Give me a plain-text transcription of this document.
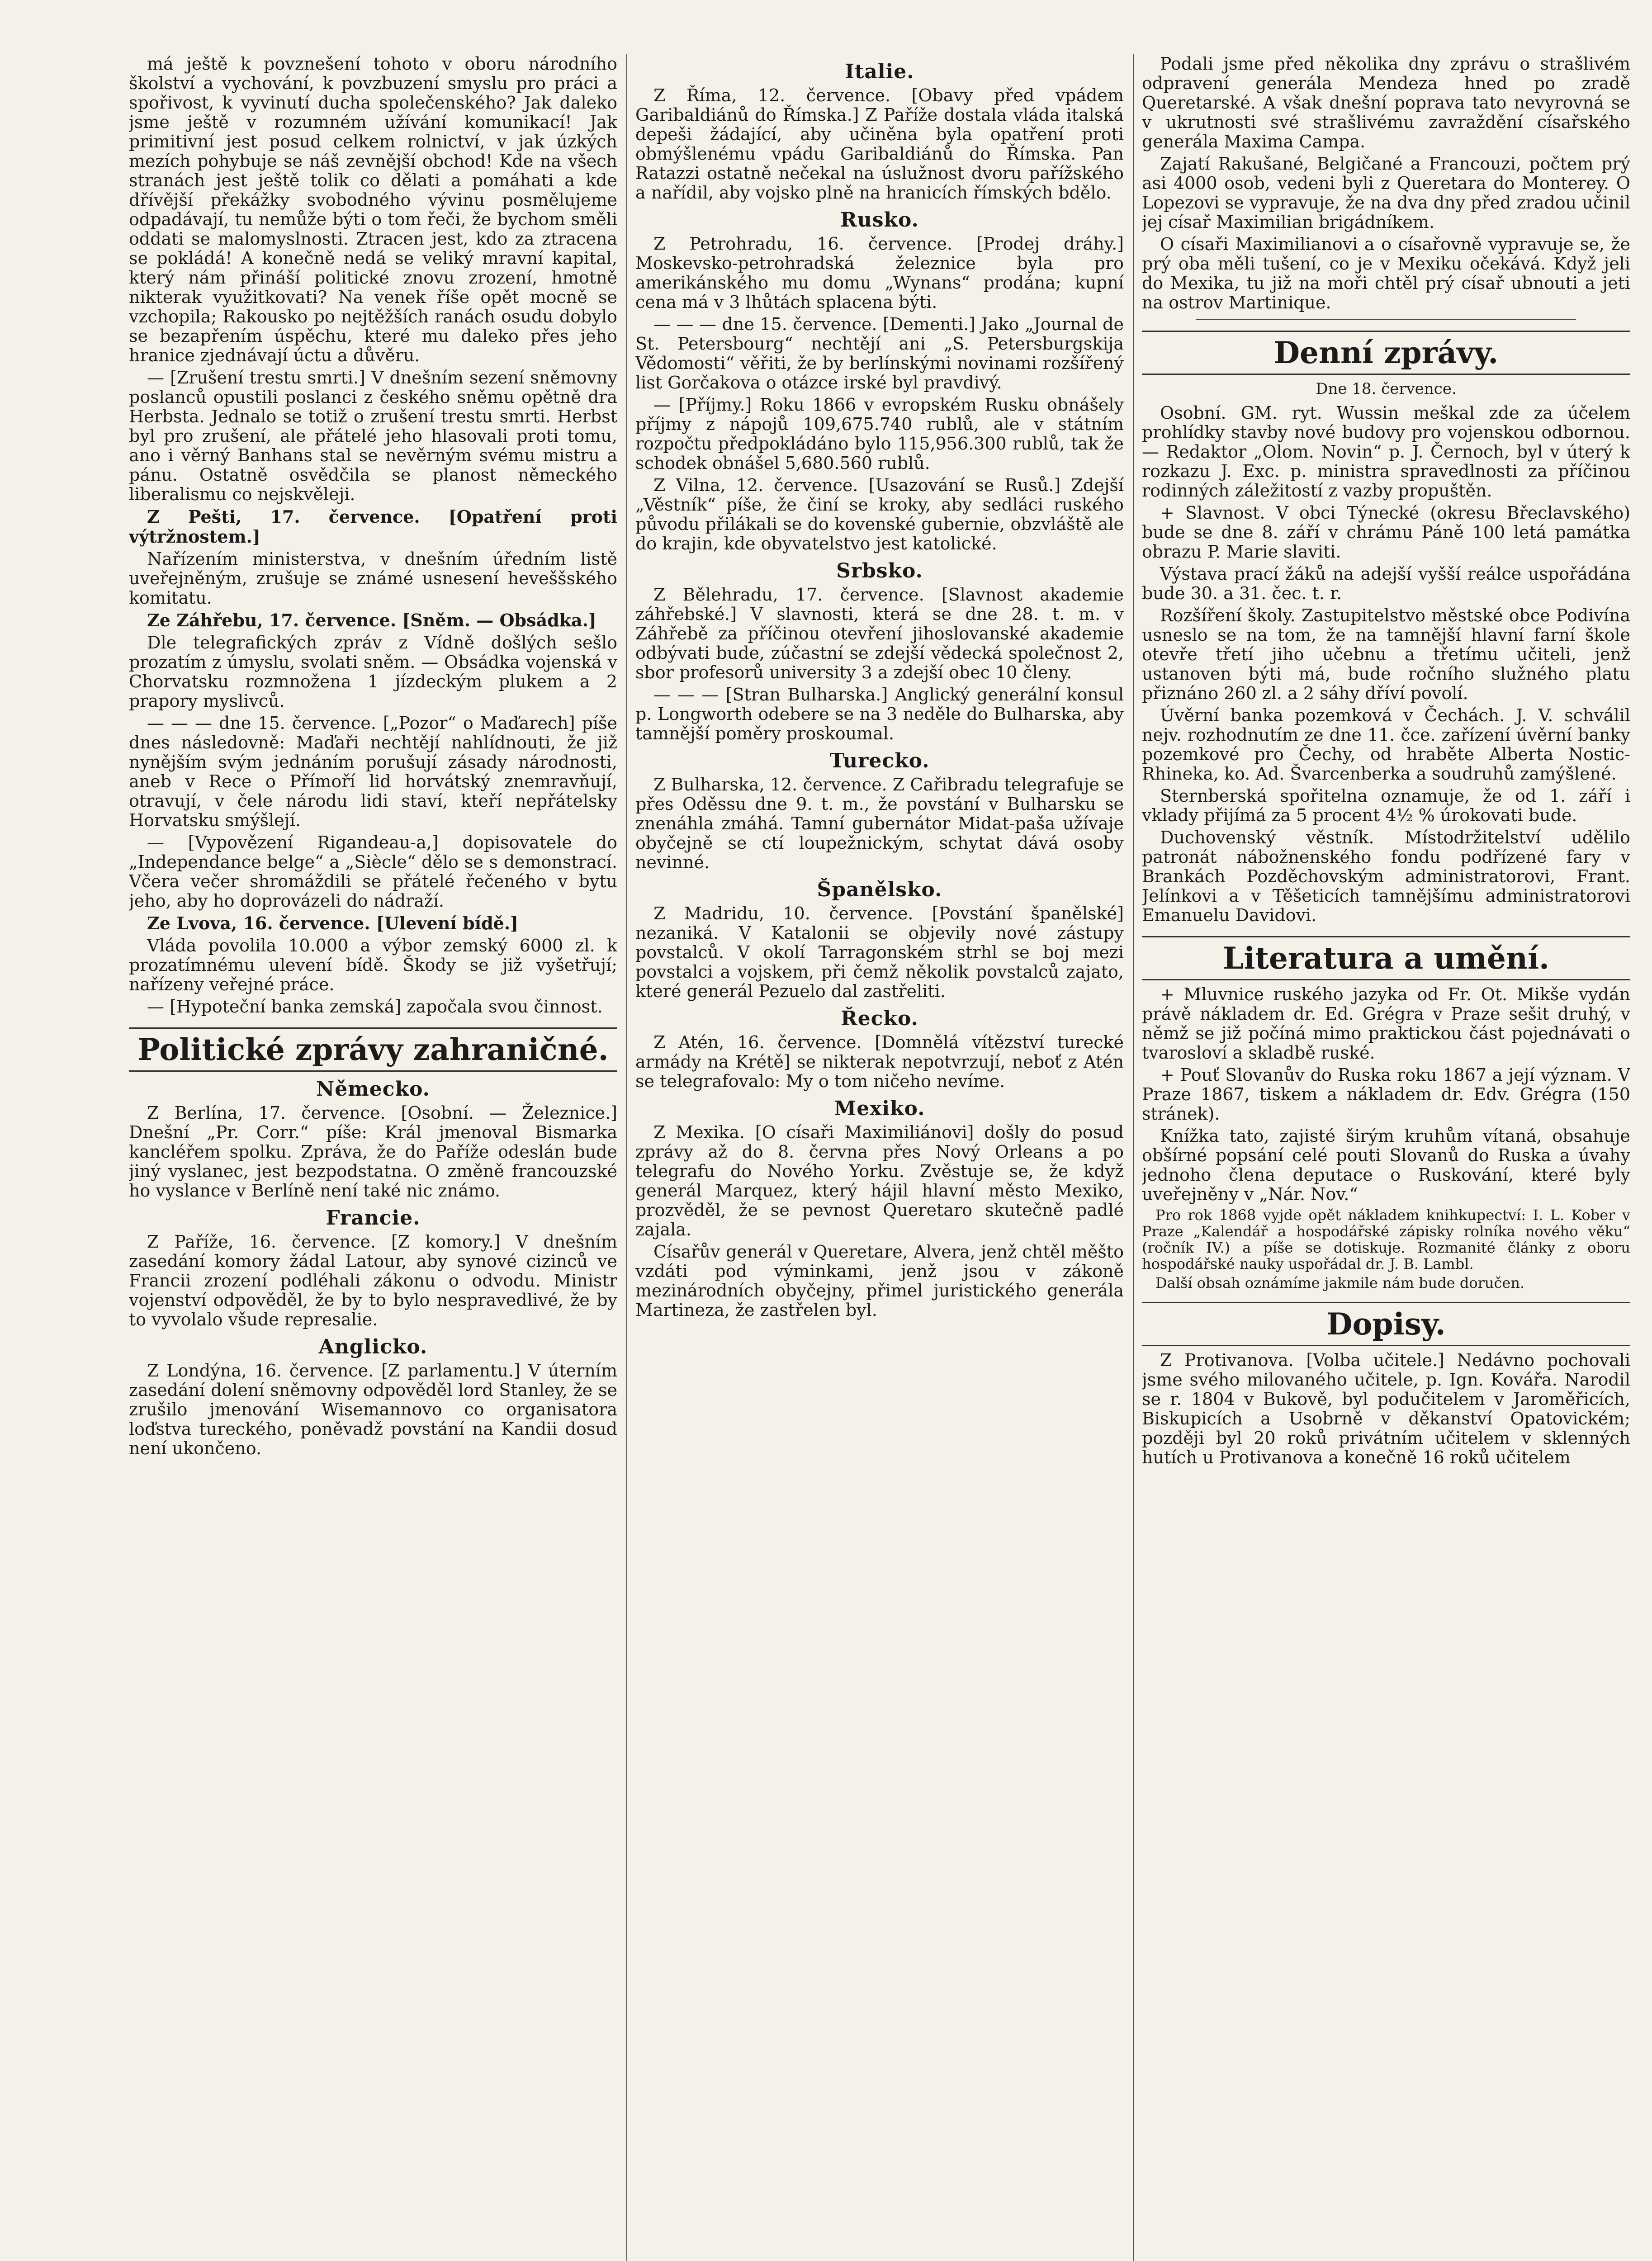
má ještě k povznešení tohoto v oboru národního školství a vychování, k povzbuzení smyslu pro práci a spořivost, k vyvinutí ducha společenského? Jak daleko jsme ještě v rozumném užívání komunikací! Jak primitivní jest posud celkem rolnictví, v jak úzkých mezích pohybuje se náš zevnější obchod! Kde na všech stranách jest ještě tolik co dělati a pomáhati a kde dřívější překážky svobodného vývinu posmělujeme odpadávají, tu nemůže býti o tom řeči, že bychom směli oddati se malomyslnosti. Ztracen jest, kdo za ztracena se pokládá! A konečně nedá se veliký mravní kapital, který nám přináší politické znovu zrození, hmotně nikterak využitkovati? Na venek říše opět mocně se vzchopila; Rakousko po nejtěžších ranách osudu dobylo se bezapřením úspěchu, které mu daleko přes jeho hranice zjednávají úctu a důvěru.

— [Zrušení trestu smrti.] V dnešním sezení sněmovny poslanců opustili poslanci z českého sněmu opětně dra Herbsta. Jednalo se totiž o zrušení trestu smrti. Herbst byl pro zrušení, ale přátelé jeho hlasovali proti tomu, ano i věrný Banhans stal se nevěrným svému mistru a pánu. Ostatně osvědčila se planost německého liberalismu co nejskvěleji.

Z Pešti, 17. července. [Opatření proti výtržnostem.]

Nařízením ministerstva, v dnešním úředním listě uveřejněným, zrušuje se známé usnesení heveššského komitatu.

Ze Záhřebu, 17. července. [Sněm. — Obsádka.]

Dle telegrafických zpráv z Vídně došlých sešlo prozatím z úmyslu, svolati sněm. — Obsádka vojenská v Chorvatsku rozmnožena 1 jízdeckým plukem a 2 prapory myslivců.

— — — dne 15. července. [„Pozor“ o Maďarech] píše dnes následovně: Maďaři nechtějí nahlídnouti, že již nynějším svým jednáním porušují zásady národnosti, aneb v Rece o Přímoří lid horvátský znemravňují, otravují, v čele národu lidi staví, kteří nepřátelsky Horvatsku smýšlejí.

— [Vypovězení Rigandeau-a,] dopisovatele do „Independance belge“ a „Siècle“ dělo se s demonstrací. Včera večer shromáždili se přátelé řečeného v bytu jeho, aby ho doprovázeli do nádraží.

Ze Lvova, 16. července. [Ulevení bídě.]

Vláda povolila 10.000 a výbor zemský 6000 zl. k prozatímnému ulevení bídě. Škody se již vyšetřují; nařízeny veřejné práce.

— [Hypoteční banka zemská] započala svou činnost.

Politické zprávy zahraničné.
Německo.

Z Berlína, 17. července. [Osobní. — Železnice.] Dnešní „Pr. Corr.“ píše: Král jmenoval Bismarka kancléřem spolku. Zpráva, že do Paříže odeslán bude jiný vyslanec, jest bezpodstatna. O změně francouzské ho vyslance v Berlíně není také nic známo.

Francie.

Z Paříže, 16. července. [Z komory.] V dnešním zasedání komory žádal Latour, aby synové cizinců ve Francii zrození podléhali zákonu o odvodu. Ministr vojenství odpověděl, že by to bylo nespravedlivé, že by to vyvolalo všude represalie.

Anglicko.

Z Londýna, 16. července. [Z parlamentu.] V úterním zasedání dolení sněmovny odpověděl lord Stanley, že se zrušilo jmenování Wisemannovo co organisatora loďstva tureckého, poněvadž povstání na Kandii dosud není ukončeno.

Italie.

Z Říma, 12. července. [Obavy před vpádem Garibaldiánů do Římska.] Z Paříže dostala vláda italská depeši žádající, aby učiněna byla opatření proti obmýšlenému vpádu Garibaldiánů do Římska. Pan Ratazzi ostatně nečekal na úslužnost dvoru pařížského a nařídil, aby vojsko plně na hranicích římských bdělo.

Rusko.

Z Petrohradu, 16. července. [Prodej dráhy.] Moskevsko-petrohradská železnice byla pro amerikánského mu domu „Wynans“ prodána; kupní cena má v 3 lhůtách splacena býti.

— — — dne 15. července. [Dementi.] Jako „Journal de St. Petersbourg“ nechtějí ani „S. Petersburgskija Vědomosti“ věřiti, že by berlínskými novinami rozšířený list Gorčakova o otázce irské byl pravdivý.

— [Příjmy.] Roku 1866 v evropském Rusku obnášely příjmy z nápojů 109,675.740 rublů, ale v státním rozpočtu předpokládáno bylo 115,956.300 rublů, tak že schodek obnášel 5,680.560 rublů.

Z Vilna, 12. července. [Usazování se Rusů.] Zdejší „Věstník“ píše, že činí se kroky, aby sedláci ruského původu přilákali se do kovenské gubernie, obzvláště ale do krajin, kde obyvatelstvo jest katolické.

Srbsko.

Z Bělehradu, 17. července. [Slavnost akademie záhřebské.] V slavnosti, která se dne 28. t. m. v Záhřebě za příčinou otevření jihoslovanské akademie odbývati bude, zúčastní se zdejší vědecká společnost 2, sbor profesorů university 3 a zdejší obec 10 členy.

— — — [Stran Bulharska.] Anglický generální konsul p. Longworth odebere se na 3 neděle do Bulharska, aby tamnější poměry proskoumal.

Turecko.

Z Bulharska, 12. července. Z Cařibradu telegrafuje se přes Oděssu dne 9. t. m., že povstání v Bulharsku se znenáhla zmáhá. Tamní gubernátor Midat-paša užívaje obyčejně se ctí loupežnickým, schytat dává osoby nevinné.

Španělsko.

Z Madridu, 10. července. [Povstání španělské] nezaniká. V Katalonii se objevily nové zástupy povstalců. V okolí Tarragonském strhl se boj mezi povstalci a vojskem, při čemž několik povstalců zajato, které generál Pezuelo dal zastřeliti.

Řecko.

Z Atén, 16. července. [Domnělá vítězství turecké armády na Krétě] se nikterak nepotvrzují, neboť z Atén se telegrafovalo: My o tom ničeho nevíme.

Mexiko.

Z Mexika. [O císaři Maximiliánovi] došly do posud zprávy až do 8. června přes Nový Orleans a po telegrafu do Nového Yorku. Zvěstuje se, že když generál Marquez, který hájil hlavní město Mexiko, prozvěděl, že se pevnost Queretaro skutečně padlé zajala.

Císařův generál v Queretare, Alvera, jenž chtěl měšto vzdáti pod výminkami, jenž jsou v zákoně mezinárodních obyčejny, přimel juristického generála Martineza, že zastřelen byl.

Podali jsme před několika dny zprávu o strašlivém odpravení generála Mendeza hned po zradě Queretarské. A však dnešní poprava tato nevyrovná se v ukrutnosti své strašlivému zavraždění císařského generála Maxima Campa.

Zajatí Rakušané, Belgičané a Francouzi, počtem prý asi 4000 osob, vedeni byli z Queretara do Monterey. O Lopezovi se vypravuje, že na dva dny před zradou učinil jej císař Maximilian brigádníkem.

O císaři Maximilianovi a o císařovně vypravuje se, že prý oba měli tušení, co je v Mexiku očekává. Když jeli do Mexika, tu již na moři chtěl prý císař ubnouti a jeti na ostrov Martinique.

Denní zprávy.
Dne 18. července.

Osobní. GM. ryt. Wussin meškal zde za účelem prohlídky stavby nové budovy pro vojenskou odbornou. — Redaktor „Olom. Novin“ p. J. Černoch, byl v úterý k rozkazu J. Exc. p. ministra spravedlnosti za příčinou rodinných záležitostí z vazby propuštěn.

+ Slavnost. V obci Týnecké (okresu Břeclavského) bude se dne 8. září v chrámu Páně 100 letá památka obrazu P. Marie slaviti.

Výstava prací žáků na adejší vyšší reálce uspořádána bude 30. a 31. čec. t. r.

Rozšíření školy. Zastupitelstvo městské obce Podivína usneslo se na tom, že na tamnější hlavní farní škole otevře třetí jiho učebnu a třetímu učiteli, jenž ustanoven býti má, bude ročního služného platu přiznáno 260 zl. a 2 sáhy dříví povolí.

Úvěrní banka pozemková v Čechách. J. V. schválil nejv. rozhodnutím ze dne 11. čce. zařízení úvěrní banky pozemkové pro Čechy, od hraběte Alberta Nostic-Rhineka, ko. Ad. Švarcenberka a soudruhů zamýšlené.

Sternberská spořitelna oznamuje, že od 1. září i vklady přijímá za 5 procent 4½ % úrokovati bude.

Duchovenský věstník. Místodržitelství udělilo patronát nábožnenského fondu podřízené fary v Brankách Pozděchovským administratorovi, Frant. Jelínkovi a v Těšeticích tamnějšímu administratorovi Emanuelu Davidovi.

Literatura a umění.

+ Mluvnice ruského jazyka od Fr. Ot. Mikše vydán právě nákladem dr. Ed. Grégra v Praze sešit druhý, v němž se již počíná mimo praktickou část pojednávati o tvarosloví a skladbě ruské.

+ Pouť Slovanův do Ruska roku 1867 a její význam. V Praze 1867, tiskem a nákladem dr. Edv. Grégra (150 stránek).

Knížka tato, zajisté širým kruhům vítaná, obsahuje obšírné popsání celé pouti Slovanů do Ruska a úvahy jednoho člena deputace o Ruskování, které byly uveřejněny v „Nár. Nov.“

Pro rok 1868 vyjde opět nákladem knihkupectví: I. L. Kober v Praze „Kalendář a hospodářské zápisky rolníka nového věku“ (ročník IV.) a píše se dotiskuje. Rozmanité články z oboru hospodářské nauky uspořádal dr. J. B. Lambl.

Další obsah oznámíme jakmile nám bude doručen.

Dopisy.

Z Protivanova. [Volba učitele.] Nedávno pochovali jsme svého milovaného učitele, p. Ign. Kovářa. Narodil se r. 1804 v Bukově, byl podučitelem v Jaroměřicích, Biskupicích a Usobrně v děkanství Opatovickém; později byl 20 roků privátním učitelem v sklenných hutích u Protivanova a konečně 16 roků učitelem
